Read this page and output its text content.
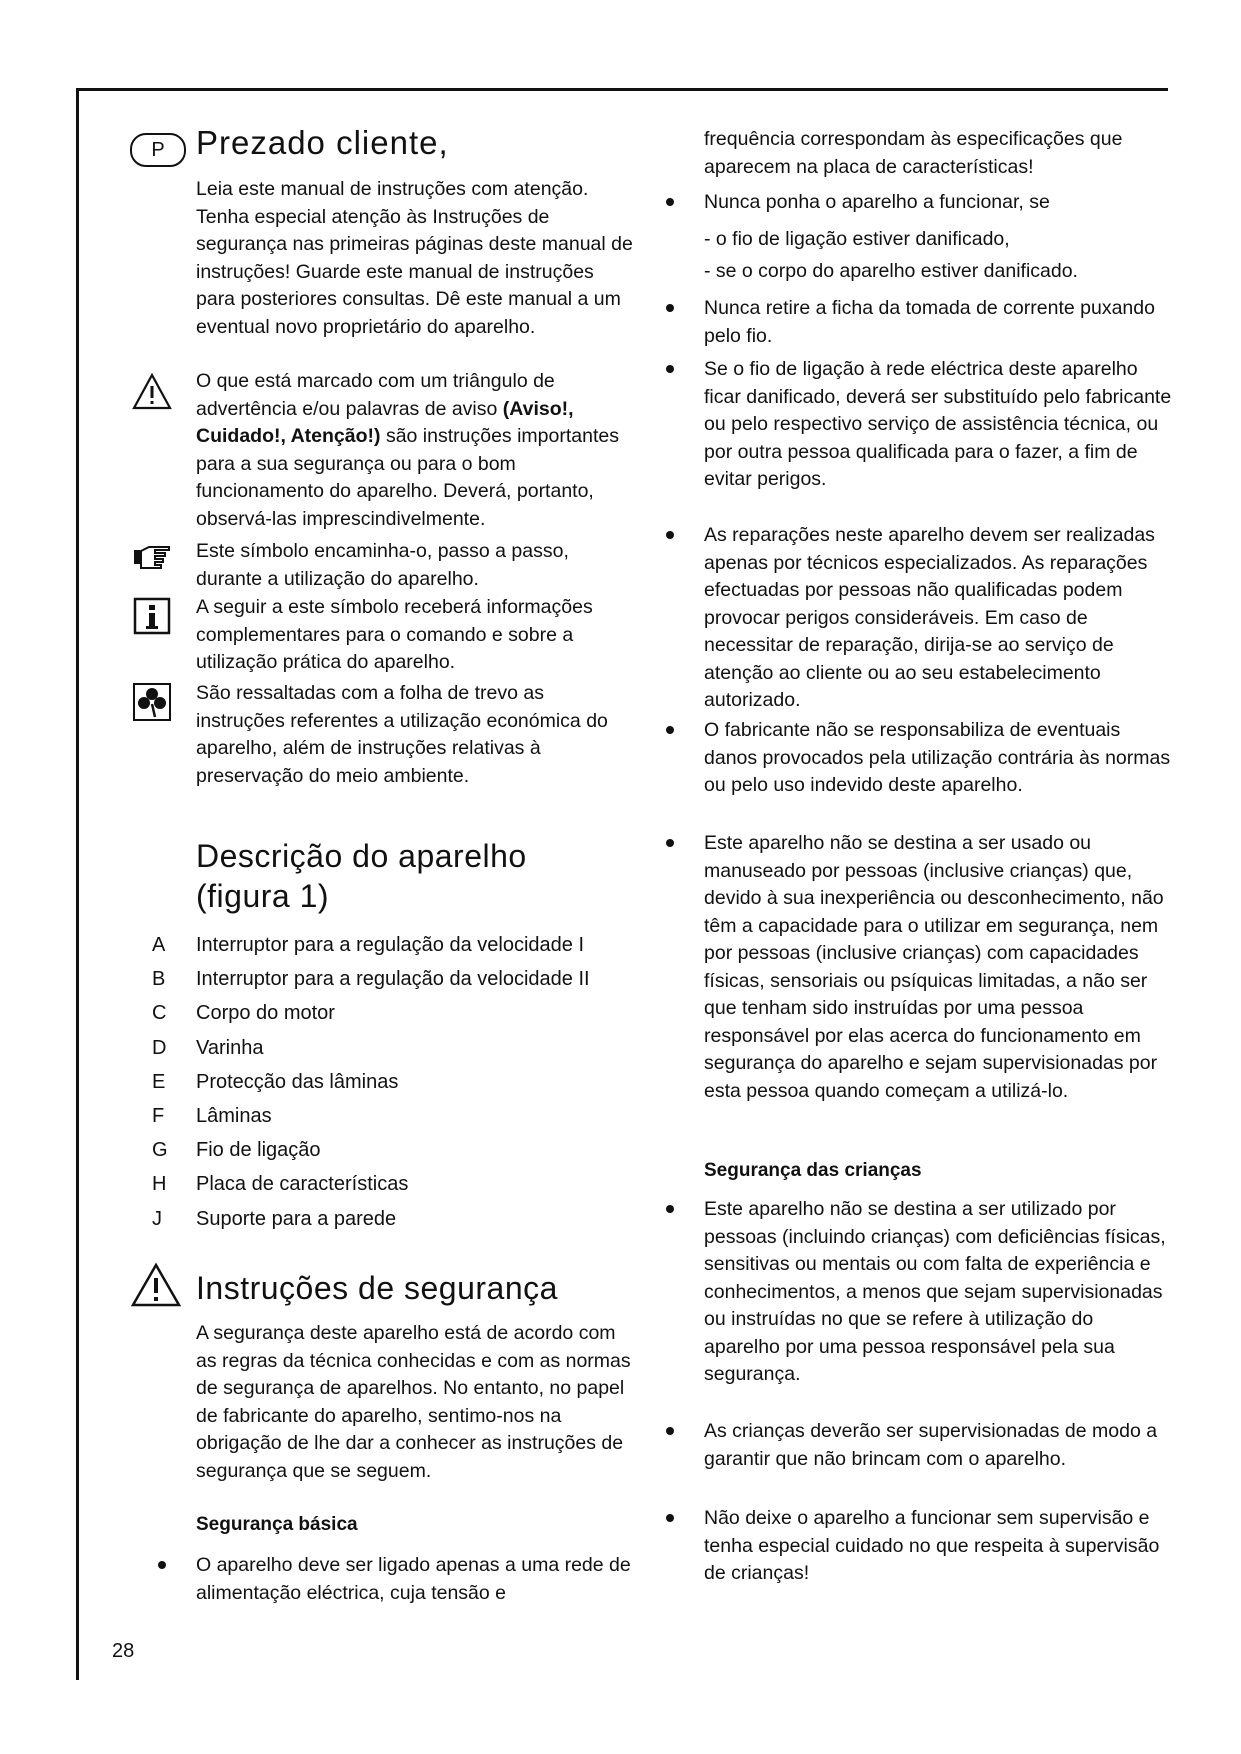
P Prezado cliente,

Leia este manual de instruções com atenção. Tenha especial atenção às Instruções de segurança nas primeiras páginas deste manual de instruções! Guarde este manual de instruções para posteriores consultas. Dê este manual a um eventual novo proprietário do aparelho.

O que está marcado com um triângulo de advertência e/ou palavras de aviso (Aviso!, Cuidado!, Atenção!) são instruções importantes para a sua segurança ou para o bom funcionamento do aparelho. Deverá, portanto, observá-las imprescindivelmente.

Este símbolo encaminha-o, passo a passo, durante a utilização do aparelho.

A seguir a este símbolo receberá informações complementares para o comando e sobre a utilização prática do aparelho.

São ressaltadas com a folha de trevo as instruções referentes a utilização económica do aparelho, além de instruções relativas à preservação do meio ambiente.

Descrição do aparelho
(figura 1)
A	Interruptor para a regulação da velocidade I
B	Interruptor para a regulação da velocidade II
C	Corpo do motor
D	Varinha
E	Protecção das lâminas
F	Lâminas
G	Fio de ligação
H	Placa de características
J	Suporte para a parede
Instruções de segurança

A segurança deste aparelho está de acordo com as regras da técnica conhecidas e com as normas de segurança de aparelhos. No entanto, no papel de fabricante do aparelho, sentimo-nos na obrigação de lhe dar a conhecer as instruções de segurança que se seguem.

Segurança básica

O aparelho deve ser ligado apenas a uma rede de alimentação eléctrica, cuja tensão e

28

frequência correspondam às especificações que aparecem na placa de características!

Nunca ponha o aparelho a funcionar, se

- o fio de ligação estiver danificado,
- se o corpo do aparelho estiver danificado.

Nunca retire a ficha da tomada de corrente puxando pelo fio.

Se o fio de ligação à rede eléctrica deste aparelho ficar danificado, deverá ser substituído pelo fabricante ou pelo respectivo serviço de assistência técnica, ou por outra pessoa qualificada para o fazer, a fim de evitar perigos.

As reparações neste aparelho devem ser realizadas apenas por técnicos especializados. As reparações efectuadas por pessoas não qualificadas podem provocar perigos consideráveis. Em caso de necessitar de reparação, dirija-se ao serviço de atenção ao cliente ou ao seu estabelecimento autorizado.

O fabricante não se responsabiliza de eventuais danos provocados pela utilização contrária às normas ou pelo uso indevido deste aparelho.

Este aparelho não se destina a ser usado ou manuseado por pessoas (inclusive crianças) que, devido à sua inexperiência ou desconhecimento, não têm a capacidade para o utilizar em segurança, nem por pessoas (inclusive crianças) com capacidades físicas, sensoriais ou psíquicas limitadas, a não ser que tenham sido instruídas por uma pessoa responsável por elas acerca do funcionamento em segurança do aparelho e sejam supervisionadas por esta pessoa quando começam a utilizá-lo.

Segurança das crianças

Este aparelho não se destina a ser utilizado por pessoas (incluindo crianças) com deficiências físicas, sensitivas ou mentais ou com falta de experiência e conhecimentos, a menos que sejam supervisionadas ou instruídas no que se refere à utilização do aparelho por uma pessoa responsável pela sua segurança.

As crianças deverão ser supervisionadas de modo a garantir que não brincam com o aparelho.

Não deixe o aparelho a funcionar sem supervisão e tenha especial cuidado no que respeita à supervisão de crianças!
